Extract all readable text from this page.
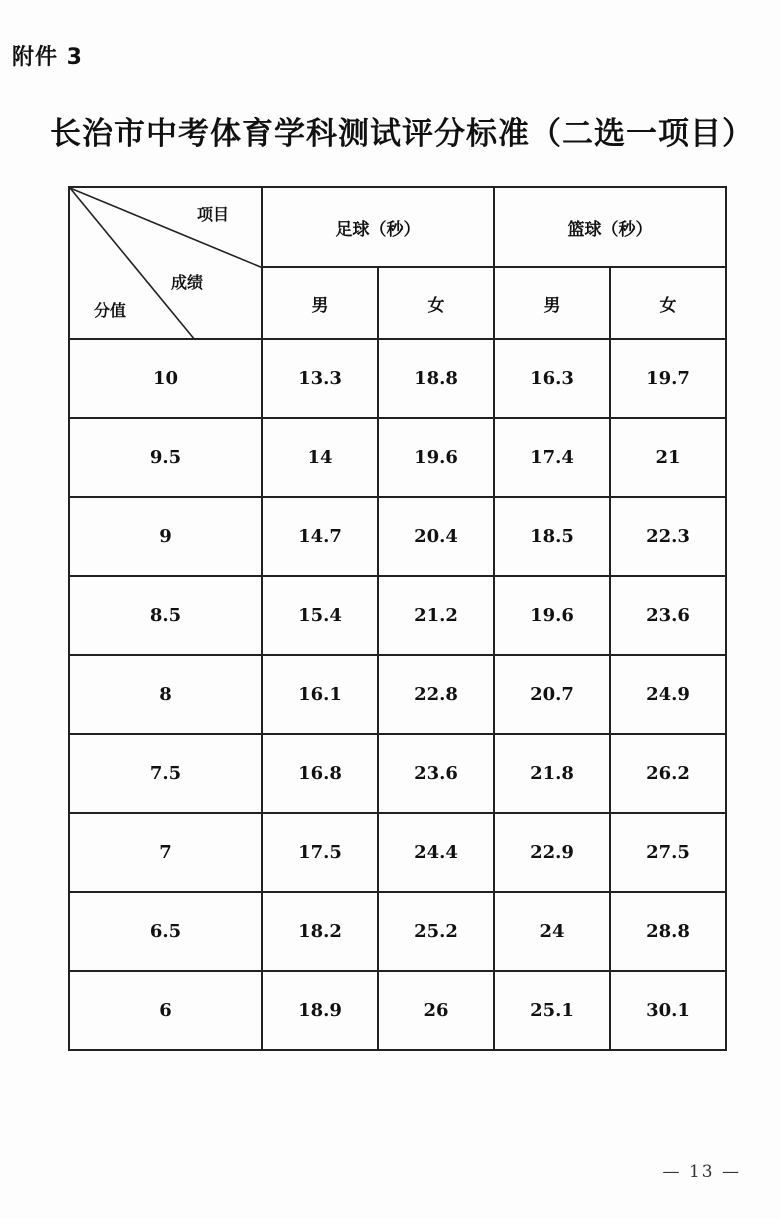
附件 3
长治市中考体育学科测试评分标准（二选一项目）
项目
成绩
分值	足球（秒）		篮球（秒）	
	男	女	男	女
10	13.3	18.8	16.3	19.7
9.5	14	19.6	17.4	21
9	14.7	20.4	18.5	22.3
8.5	15.4	21.2	19.6	23.6
8	16.1	22.8	20.7	24.9
7.5	16.8	23.6	21.8	26.2
7	17.5	24.4	22.9	27.5
6.5	18.2	25.2	24	28.8
6	18.9	26	25.1	30.1
— 13 —
